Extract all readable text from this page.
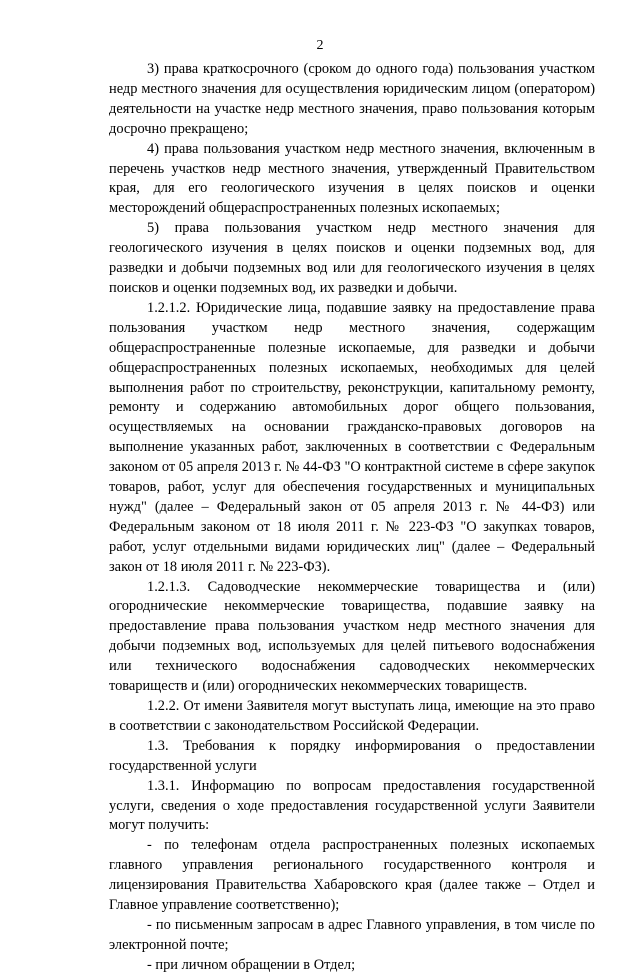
2

3) права краткосрочного (сроком до одного года) пользования участком недр местного значения для осуществления юридическим лицом (оператором) деятельности на участке недр местного значения, право пользования которым досрочно прекращено;

4) права пользования участком недр местного значения, включенным в перечень участков недр местного значения, утвержденный Правительством края, для его геологического изучения в целях поисков и оценки месторождений общераспространенных полезных ископаемых;

5) права пользования участком недр местного значения для геологического изучения в целях поисков и оценки подземных вод, для разведки и добычи подземных вод или для геологического изучения в целях поисков и оценки подземных вод, их разведки и добычи.

1.2.1.2. Юридические лица, подавшие заявку на предоставление права пользования участком недр местного значения, содержащим общераспространенные полезные ископаемые, для разведки и добычи общераспространенных полезных ископаемых, необходимых для целей выполнения работ по строительству, реконструкции, капитальному ремонту, ремонту и содержанию автомобильных дорог общего пользования, осуществляемых на основании гражданско-правовых договоров на выполнение указанных работ, заключенных в соответствии с Федеральным законом от 05 апреля 2013 г. № 44-ФЗ "О контрактной системе в сфере закупок товаров, работ, услуг для обеспечения государственных и муниципальных нужд" (далее – Федеральный закон от 05 апреля 2013 г. № 44-ФЗ) или Федеральным законом от 18 июля 2011 г. № 223-ФЗ "О закупках товаров, работ, услуг отдельными видами юридических лиц" (далее – Федеральный закон от 18 июля 2011 г. № 223-ФЗ).

1.2.1.3. Садоводческие некоммерческие товарищества и (или) огороднические некоммерческие товарищества, подавшие заявку на предоставление права пользования участком недр местного значения для добычи подземных вод, используемых для целей питьевого водоснабжения или технического водоснабжения садоводческих некоммерческих товариществ и (или) огороднических некоммерческих товариществ.

1.2.2. От имени Заявителя могут выступать лица, имеющие на это право в соответствии с законодательством Российской Федерации.

1.3. Требования к порядку информирования о предоставлении государственной услуги

1.3.1. Информацию по вопросам предоставления государственной услуги, сведения о ходе предоставления государственной услуги Заявители могут получить:

- по телефонам отдела распространенных полезных ископаемых главного управления регионального государственного контроля и лицензирования Правительства Хабаровского края (далее также – Отдел и Главное управление соответственно);

- по письменным запросам в адрес Главного управления, в том числе по электронной почте;

- при личном обращении в Отдел;
